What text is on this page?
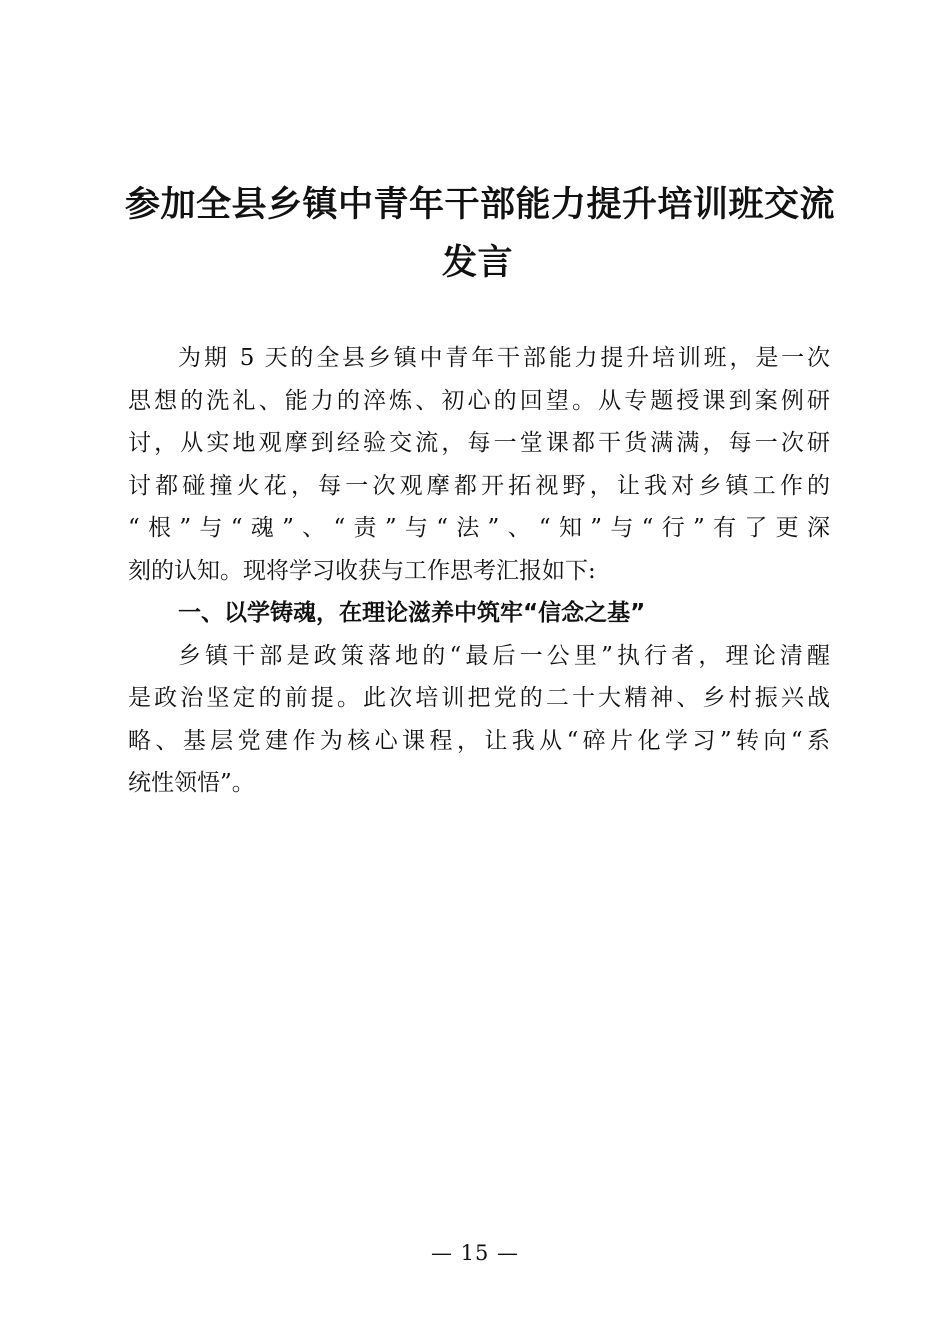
参加全县乡镇中青年干部能力提升培训班交流
发言
为期 5 天的全县乡镇中青年干部能力提升培训班，是一次
思想的洗礼、能力的淬炼、初心的回望。从专题授课到案例研
讨，从实地观摩到经验交流，每一堂课都干货满满，每一次研
讨都碰撞火花，每一次观摩都开拓视野，让我对乡镇工作的
“根”与“魂”、“责”与“法”、“知”与“行”有了更深
刻的认知。现将学习收获与工作思考汇报如下:
一、以学铸魂，在理论滋养中筑牢“信念之基”
乡镇干部是政策落地的“最后一公里”执行者，理论清醒
是政治坚定的前提。此次培训把党的二十大精神、乡村振兴战
略、基层党建作为核心课程，让我从“碎片化学习”转向“系
统性领悟”。
— 15 —
